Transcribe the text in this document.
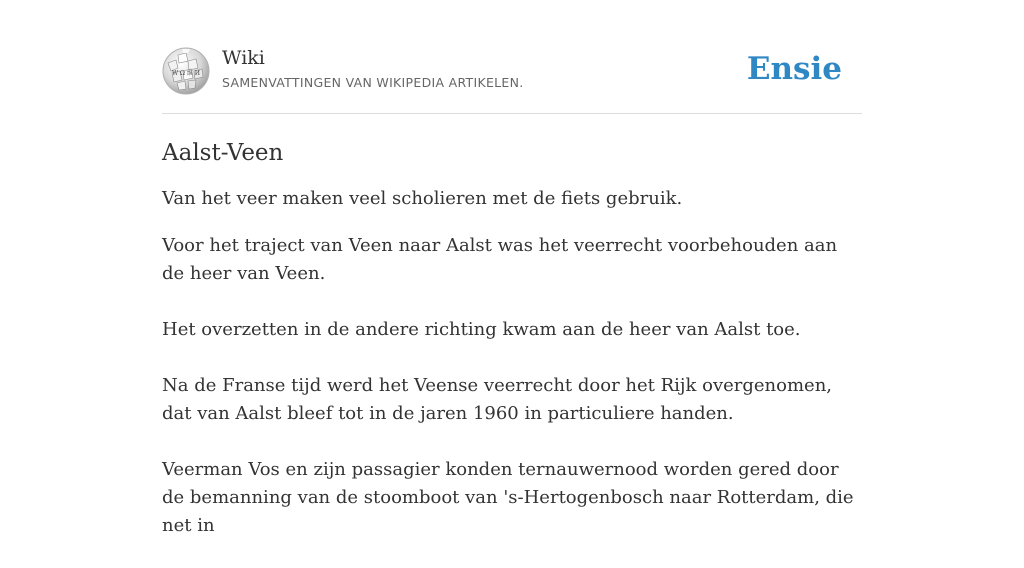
W Ω 维 И
Wiki
SAMENVATTINGEN VAN WIKIPEDIA ARTIKELEN.	Ensie
Aalst-Veen

Van het veer maken veel scholieren met de fiets gebruik.

Voor het traject van Veen naar Aalst was het veerrecht voorbehouden aan de heer van Veen.

Het overzetten in de andere richting kwam aan de heer van Aalst toe.

Na de Franse tijd werd het Veense veerrecht door het Rijk overgenomen, dat van Aalst bleef tot in de jaren 1960 in particuliere handen.

Veerman Vos en zijn passagier konden ternauwernood worden gered door de bemanning van de stoomboot van 's-Hertogenbosch naar Rotterdam, die net in
